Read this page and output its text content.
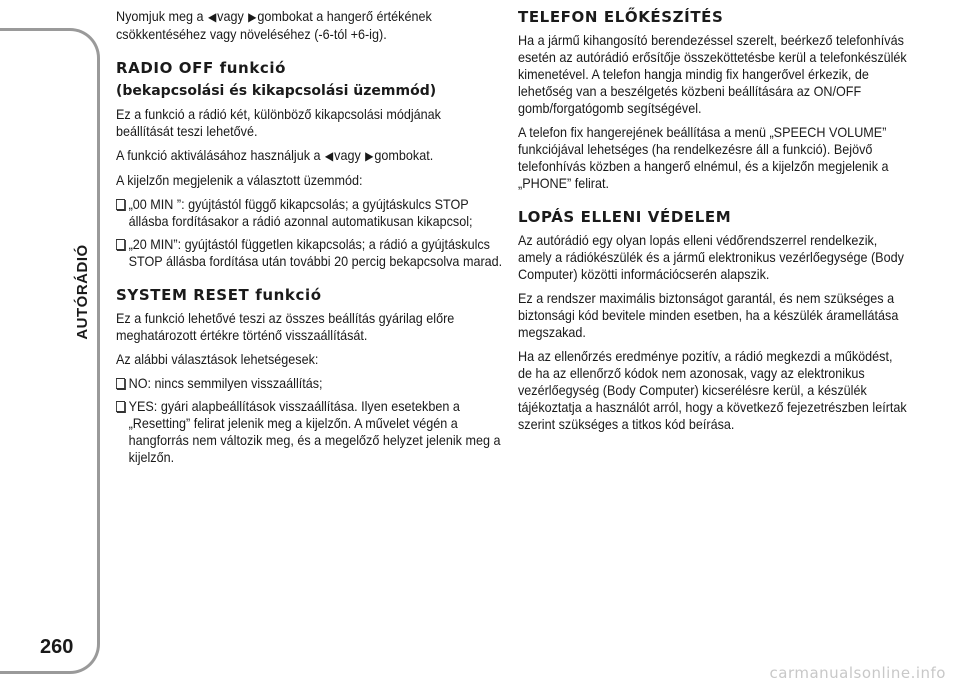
AUTÓRÁDIÓ
260

Nyomjuk meg a ◀vagy ▶gombokat a hangerő értékének csökkentéséhez vagy növeléséhez (-6-tól +6-ig).

RADIO OFF funkció
(bekapcsolási és kikapcsolási üzemmód)

Ez a funkció a rádió két, különböző kikapcsolási módjának beállítását teszi lehetővé.

A funkció aktiválásához használjuk a ◀vagy ▶gombokat.

A kijelzőn megjelenik a választott üzemmód:

„00 MIN ”: gyújtástól függő kikapcsolás; a gyújtáskulcs STOP állásba fordításakor a rádió azonnal automatikusan kikapcsol;
„20 MIN”: gyújtástól független kikapcsolás; a rádió a gyújtáskulcs STOP állásba fordítása után további 20 percig bekapcsolva marad.
SYSTEM RESET funkció

Ez a funkció lehetővé teszi az összes beállítás gyárilag előre meghatározott értékre történő visszaállítását.

Az alábbi választások lehetségesek:

NO: nincs semmilyen visszaállítás;
YES: gyári alapbeállítások visszaállítása. Ilyen esetekben a „Resetting” felirat jelenik meg a kijelzőn. A művelet végén a hangforrás nem változik meg, és a megelőző helyzet jelenik meg a kijelzőn.
TELEFON ELŐKÉSZÍTÉS

Ha a jármű kihangosító berendezéssel szerelt, beérkező telefonhívás esetén az autórádió erősítője összeköttetésbe kerül a telefonkészülék kimenetével. A telefon hangja mindig fix hangerővel érkezik, de lehetőség van a beszélgetés közbeni beállítására az ON/OFF gomb/forgatógomb segítségével.

A telefon fix hangerejének beállítása a menü „SPEECH VOLUME” funkciójával lehetséges (ha rendelkezésre áll a funkció). Bejövő telefonhívás közben a hangerő elnémul, és a kijelzőn megjelenik a „PHONE” felirat.

LOPÁS ELLENI VÉDELEM

Az autórádió egy olyan lopás elleni védőrendszerrel rendelkezik, amely a rádiókészülék és a jármű elektronikus vezérlőegysége (Body Computer) közötti információcserén alapszik.

Ez a rendszer maximális biztonságot garantál, és nem szükséges a biztonsági kód bevitele minden esetben, ha a készülék áramellátása megszakad.

Ha az ellenőrzés eredménye pozitív, a rádió megkezdi a működést, de ha az ellenőrző kódok nem azonosak, vagy az elektronikus vezérlőegység (Body Computer) kicserélésre kerül, a készülék tájékoztatja a használót arról, hogy a következő fejezetrészben leírtak szerint szükséges a titkos kód beírása.

carmanualsonline.info
